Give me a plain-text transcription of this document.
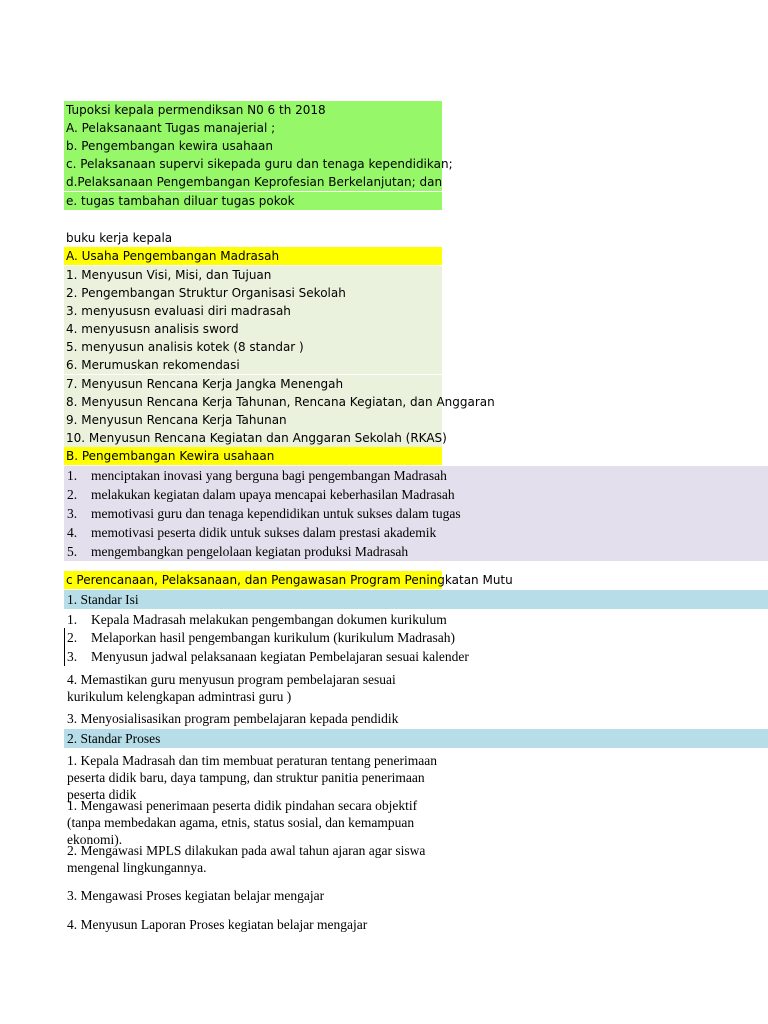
Tupoksi kepala permendiksan N0 6 th 2018
A. Pelaksanaant Tugas manajerial ;
b. Pengembangan kewira usahaan
c. Pelaksanaan supervi sikepada guru dan tenaga kependidikan;
d.Pelaksanaan Pengembangan Keprofesian Berkelanjutan; dan
e. tugas tambahan diluar tugas pokok
buku kerja kepala
A. Usaha Pengembangan Madrasah
1. Menyusun Visi, Misi, dan Tujuan
2. Pengembangan Struktur Organisasi Sekolah
3. menyususn evaluasi diri madrasah
4. menyususn analisis sword
5. menyusun analisis kotek (8 standar )
6. Merumuskan rekomendasi
7. Menyusun Rencana Kerja Jangka Menengah
8. Menyusun Rencana Kerja Tahunan, Rencana Kegiatan, dan Anggaran
9. Menyusun Rencana Kerja Tahunan
10. Menyusun Rencana Kegiatan dan Anggaran Sekolah (RKAS)
B. Pengembangan Kewira usahaan
1. menciptakan inovasi yang berguna bagi pengembangan Madrasah
2. melakukan kegiatan dalam upaya mencapai keberhasilan Madrasah
3. memotivasi guru dan tenaga kependidikan untuk sukses dalam tugas
4. memotivasi peserta didik untuk sukses dalam prestasi akademik
5. mengembangkan pengelolaan kegiatan produksi Madrasah
c Perencanaan, Pelaksanaan, dan Pengawasan Program Peningkatan Mutu
1. Standar Isi
1. Kepala Madrasah melakukan pengembangan dokumen kurikulum
2. Melaporkan hasil pengembangan kurikulum (kurikulum Madrasah)
3. Menyusun jadwal pelaksanaan kegiatan Pembelajaran sesuai kalender
4. Memastikan guru menyusun program pembelajaran sesuai kurikulum kelengkapan admintrasi guru )
3. Menyosialisasikan program pembelajaran kepada pendidik
2. Standar Proses
1. Kepala Madrasah dan tim membuat peraturan tentang penerimaan peserta didik baru, daya tampung, dan struktur panitia penerimaan peserta didik
1. Mengawasi penerimaan peserta didik pindahan secara objektif (tanpa membedakan agama, etnis, status sosial, dan kemampuan ekonomi).
2. Mengawasi MPLS dilakukan pada awal tahun ajaran agar siswa mengenal lingkungannya.
3. Mengawasi Proses kegiatan belajar mengajar
4. Menyusun Laporan Proses kegiatan belajar mengajar
